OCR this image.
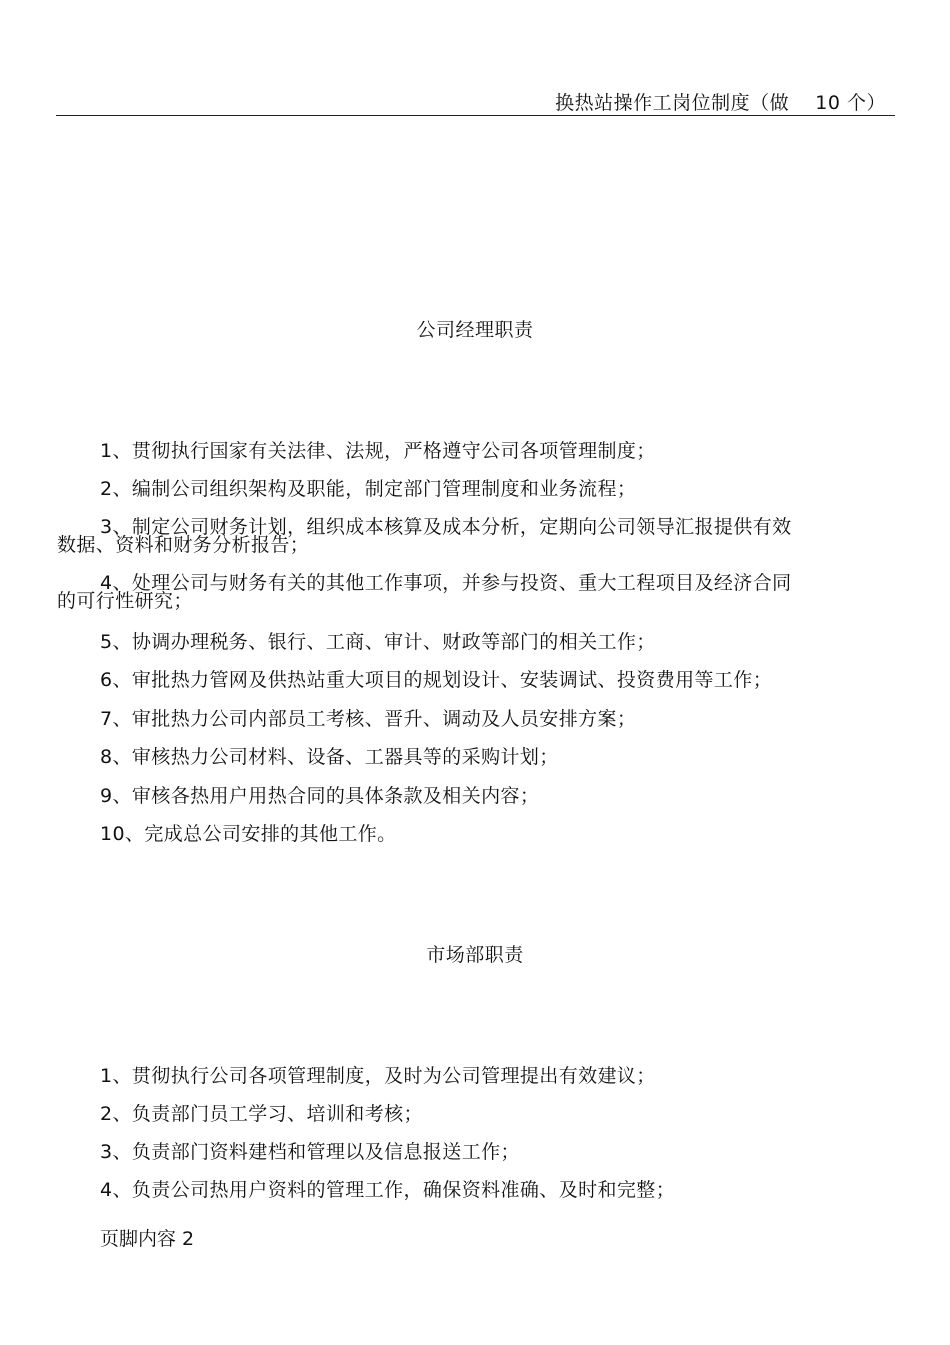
换热站操作工岗位制度（做    10 个）
公司经理职责
1、贯彻执行国家有关法律、法规，严格遵守公司各项管理制度；
2、编制公司组织架构及职能，制定部门管理制度和业务流程；
3、制定公司财务计划，组织成本核算及成本分析，定期向公司领导汇报提供有效
数据、资料和财务分析报告；
4、处理公司与财务有关的其他工作事项，并参与投资、重大工程项目及经济合同
的可行性研究；
5、协调办理税务、银行、工商、审计、财政等部门的相关工作；
6、审批热力管网及供热站重大项目的规划设计、安装调试、投资费用等工作；
7、审批热力公司内部员工考核、晋升、调动及人员安排方案；
8、审核热力公司材料、设备、工器具等的采购计划；
9、审核各热用户用热合同的具体条款及相关内容；
10、完成总公司安排的其他工作。
市场部职责
1、贯彻执行公司各项管理制度，及时为公司管理提出有效建议；
2、负责部门员工学习、培训和考核；
3、负责部门资料建档和管理以及信息报送工作；
4、负责公司热用户资料的管理工作，确保资料准确、及时和完整；
页脚内容 2
